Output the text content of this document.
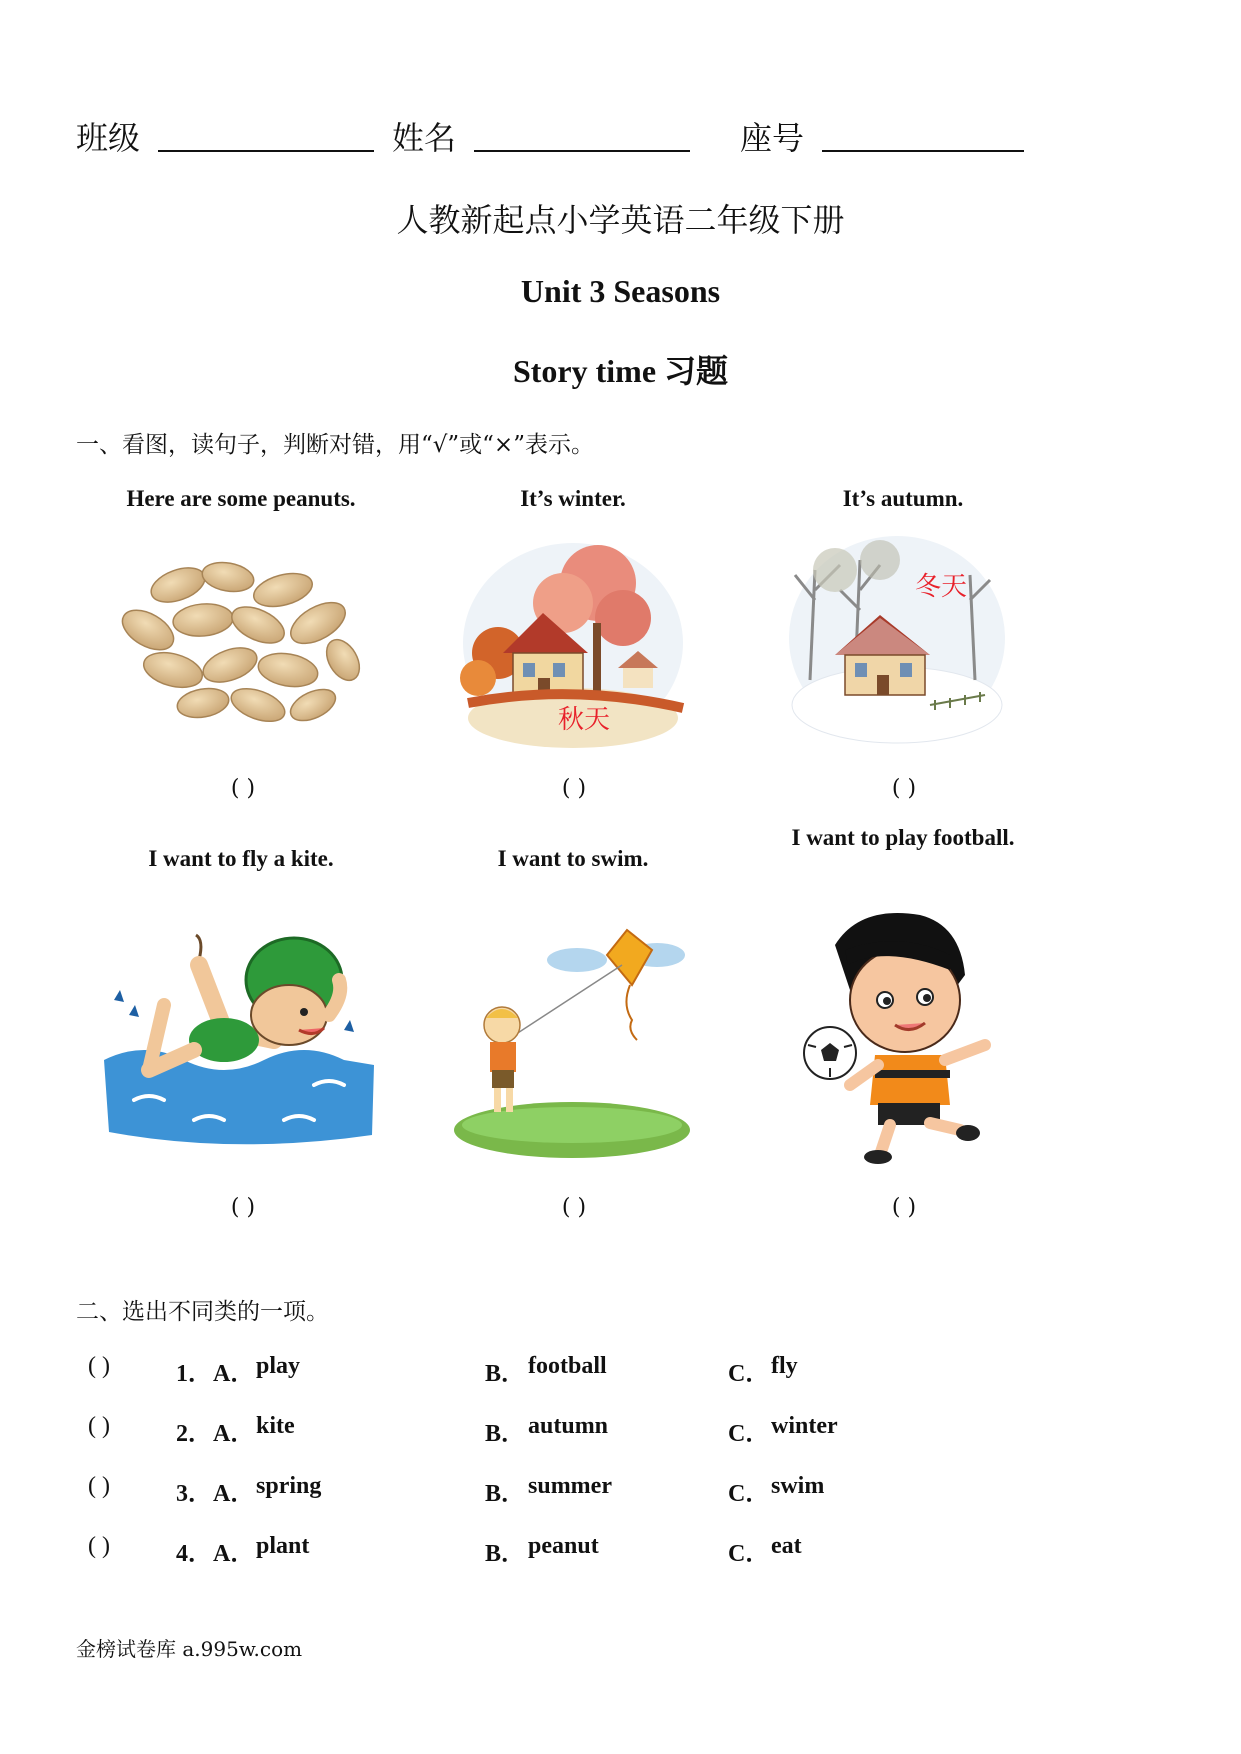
班级	姓名	座号
人教新起点小学英语二年级下册
Unit 3 Seasons
Story time 习题
一、看图，读句子，判断对错，用“√”或“×”表示。
Here are some peanuts.	It’s winter.	It’s autumn.
秋天
冬天
( )	( )	( )
I want to fly a kite.	I want to swim.
I want to play football.
( )	( )	( )
二、选出不同类的一项。
( )	1． A． play	B． football	C． fly
( )	2． A． kite	B． autumn	C． winter
( )	3． A． spring	B． summer	C． swim
( )	4． A． plant	B． peanut	C． eat
金榜试卷库 a.995w.com
